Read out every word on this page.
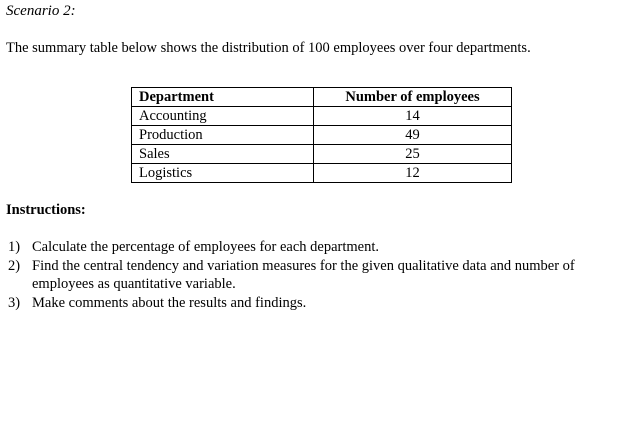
Scenario 2:
The summary table below shows the distribution of 100 employees over four departments.
Department	Number of employees
Accounting	14
Production	49
Sales	25
Logistics	12
Instructions:
1) Calculate the percentage of employees for each department.
2) Find the central tendency and variation measures for the given qualitative data and number of employees as quantitative variable.
3) Make comments about the results and findings.
